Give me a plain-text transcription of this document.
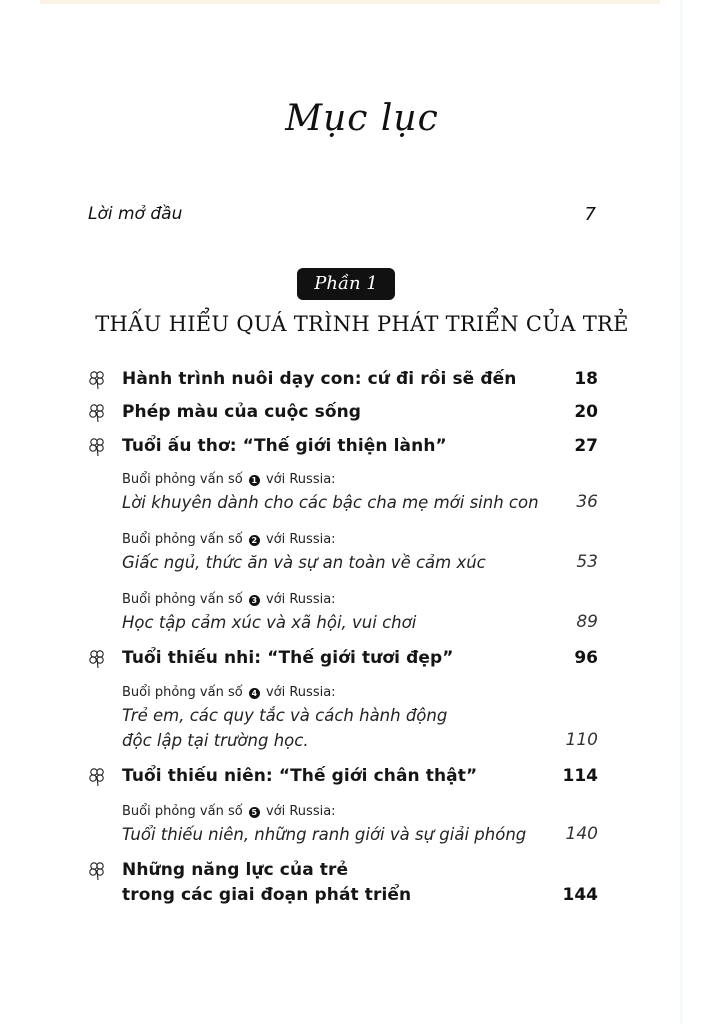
Mục lục
Lời mở đầu	7
Phần 1
THẤU HIỂU QUÁ TRÌNH PHÁT TRIỂN CỦA TRẺ
Hành trình nuôi dạy con: cứ đi rồi sẽ đến	18
Phép màu của cuộc sống	20
Tuổi ấu thơ: “Thế giới thiện lành”	27
Buổi phỏng vấn số 1 với Russia:
Lời khuyên dành cho các bậc cha mẹ mới sinh con	36
Buổi phỏng vấn số 2 với Russia:
Giấc ngủ, thức ăn và sự an toàn về cảm xúc	53
Buổi phỏng vấn số 3 với Russia:
Học tập cảm xúc và xã hội, vui chơi	89
Tuổi thiếu nhi: “Thế giới tươi đẹp”	96
Buổi phỏng vấn số 4 với Russia:
Trẻ em, các quy tắc và cách hành động
độc lập tại trường học.	110
Tuổi thiếu niên: “Thế giới chân thật”	114
Buổi phỏng vấn số 5 với Russia:
Tuổi thiếu niên, những ranh giới và sự giải phóng	140
Những năng lực của trẻ
trong các giai đoạn phát triển	144
